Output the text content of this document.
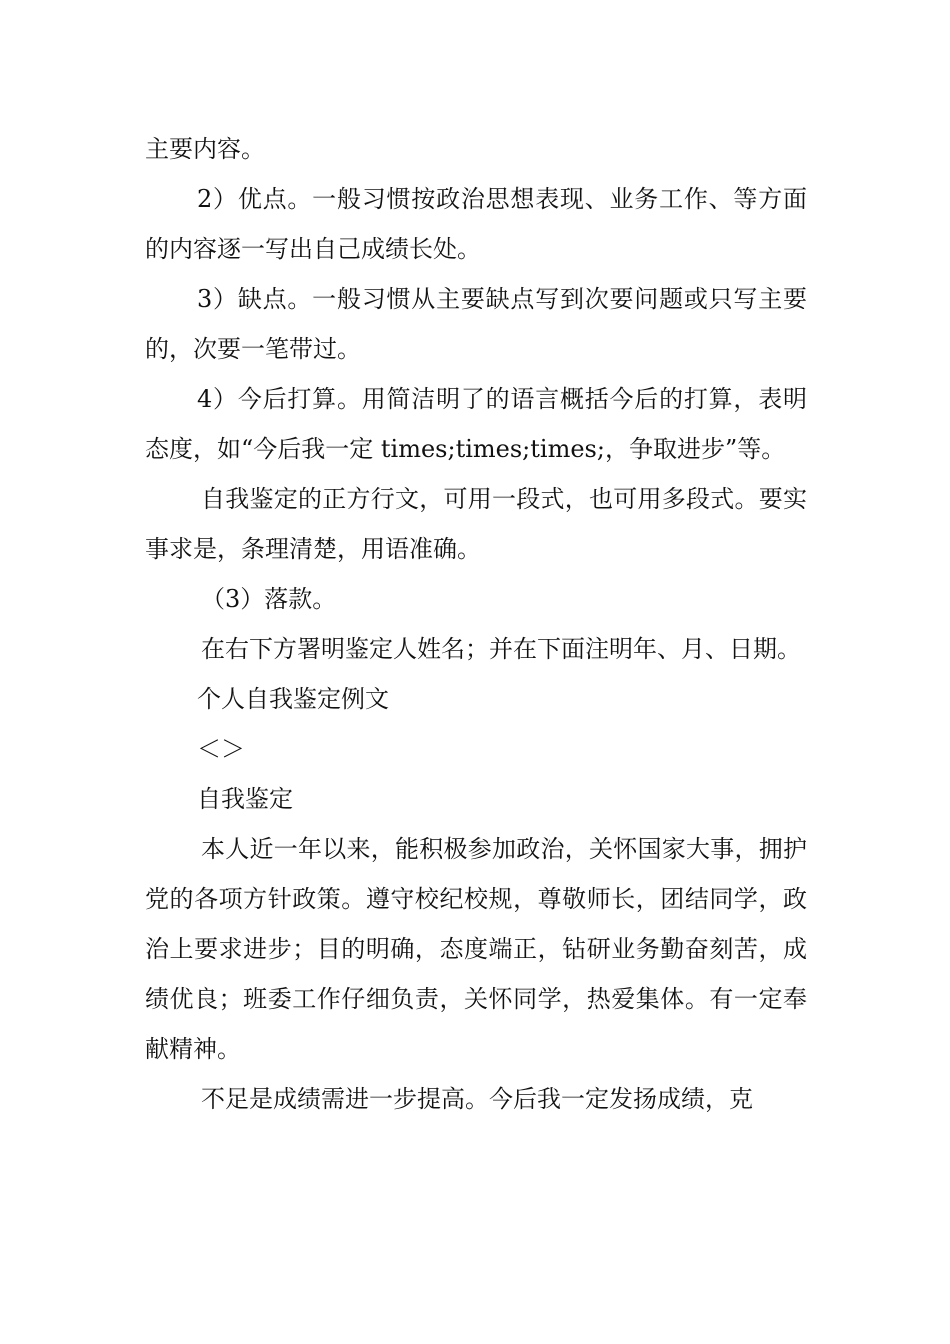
主要内容。

2）优点。一般习惯按政治思想表现、业务工作、等方面的内容逐一写出自己成绩长处。

3）缺点。一般习惯从主要缺点写到次要问题或只写主要的，次要一笔带过。

4）今后打算。用简洁明了的语言概括今后的打算，表明态度，如“今后我一定 times;times;times;，争取进步”等。

自我鉴定的正方行文，可用一段式，也可用多段式。要实事求是，条理清楚，用语准确。

（3）落款。

在右下方署明鉴定人姓名；并在下面注明年、月、日期。

个人自我鉴定例文

＜＞

自我鉴定

本人近一年以来，能积极参加政治，关怀国家大事，拥护党的各项方针政策。遵守校纪校规，尊敬师长，团结同学，政治上要求进步；目的明确，态度端正，钻研业务勤奋刻苦，成绩优良；班委工作仔细负责，关怀同学，热爱集体。有一定奉献精神。

不足是成绩需进一步提高。今后我一定发扬成绩，克
